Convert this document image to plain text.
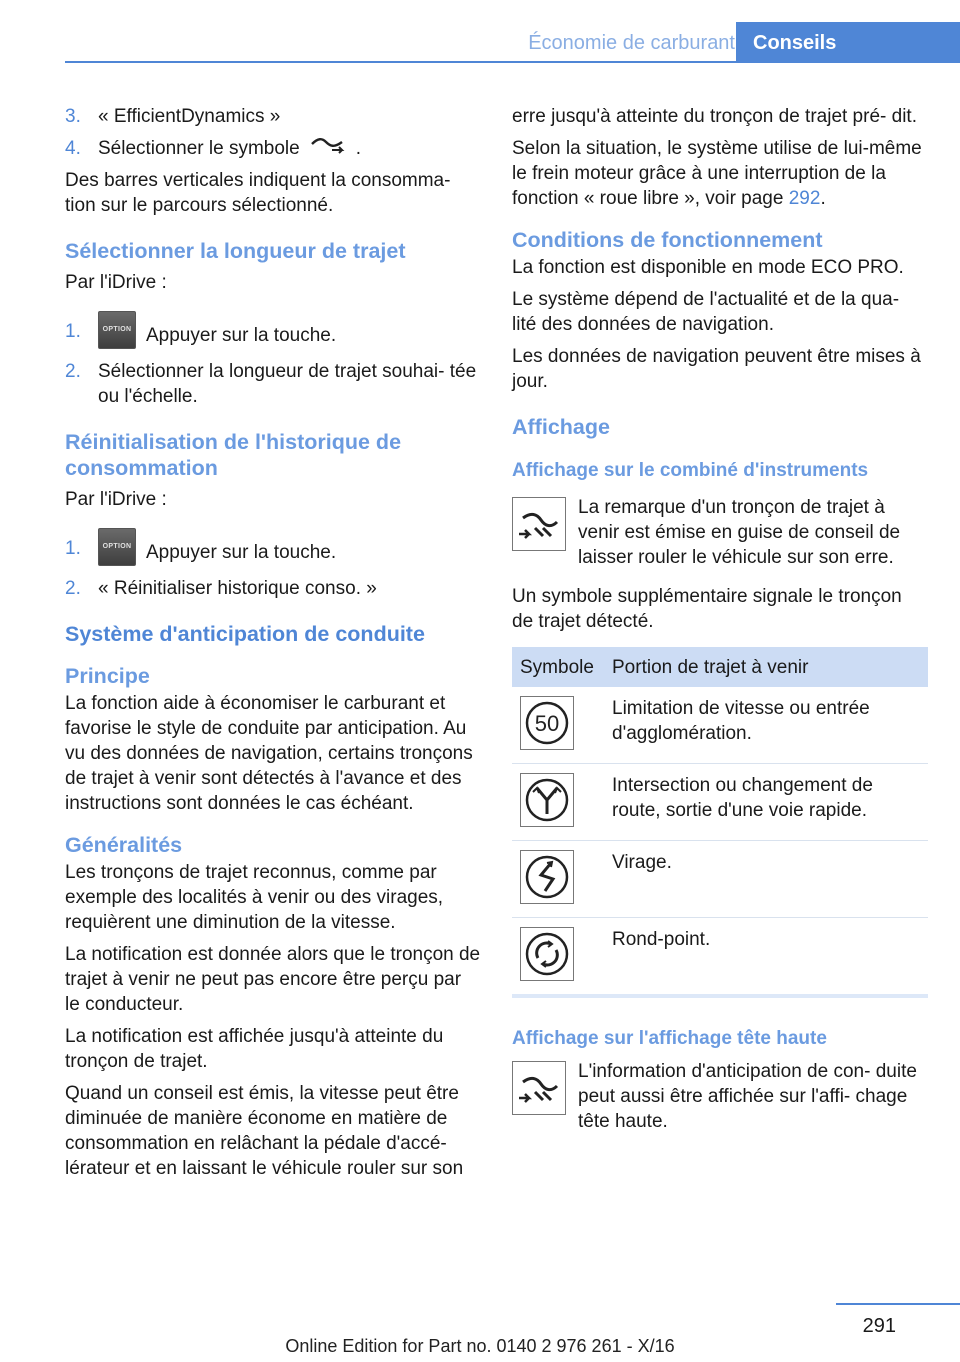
Économie de carburant Conseils
3. « EfficientDynamics »
4. Sélectionner le symbole	.

Des barres verticales indiquent la consomma‐ tion sur le parcours sélectionné.

Sélectionner la longueur de trajet

Par l'iDrive :

1.	OPTION Appuyer sur la touche.
2. Sélectionner la longueur de trajet souhai‐ tée ou l'échelle.
Réinitialisation de l'historique de consommation

Par l'iDrive :

1.	OPTION Appuyer sur la touche.
2. « Réinitialiser historique conso. »
Système d'anticipation de conduite
Principe

La fonction aide à économiser le carburant et favorise le style de conduite par anticipation. Au vu des données de navigation, certains tronçons de trajet à venir sont détectés à l'avance et des instructions sont données le cas échéant.

Généralités

Les tronçons de trajet reconnus, comme par exemple des localités à venir ou des virages, requièrent une diminution de la vitesse.

La notification est donnée alors que le tronçon de trajet à venir ne peut pas encore être perçu par le conducteur.

La notification est affichée jusqu'à atteinte du tronçon de trajet.

Quand un conseil est émis, la vitesse peut être diminuée de manière économe en matière de consommation en relâchant la pédale d'accé‐ lérateur et en laissant le véhicule rouler sur son

erre jusqu'à atteinte du tronçon de trajet pré‐ dit.

Selon la situation, le système utilise de lui-même le frein moteur grâce à une interruption de la fonction « roue libre », voir page 292.

Conditions de fonctionnement

La fonction est disponible en mode ECO PRO.

Le système dépend de l'actualité et de la qua‐ lité des données de navigation.

Les données de navigation peuvent être mises à jour.

Affichage
Affichage sur le combiné d'instruments
La remarque d'un tronçon de trajet à venir est émise en guise de conseil de laisser rouler le véhicule sur son erre.

Un symbole supplémentaire signale le tronçon de trajet détecté.

Symbole	Portion de trajet à venir

50	Limitation de vitesse ou entrée d'agglomération.

	Intersection ou changement de route, sortie d'une voie rapide.

	Virage.

	Rond-point.
Affichage sur l'affichage tête haute
L'information d'anticipation de con‐ duite peut aussi être affichée sur l'affi‐ chage tête haute.
291
Online Edition for Part no. 0140 2 976 261 - X/16
